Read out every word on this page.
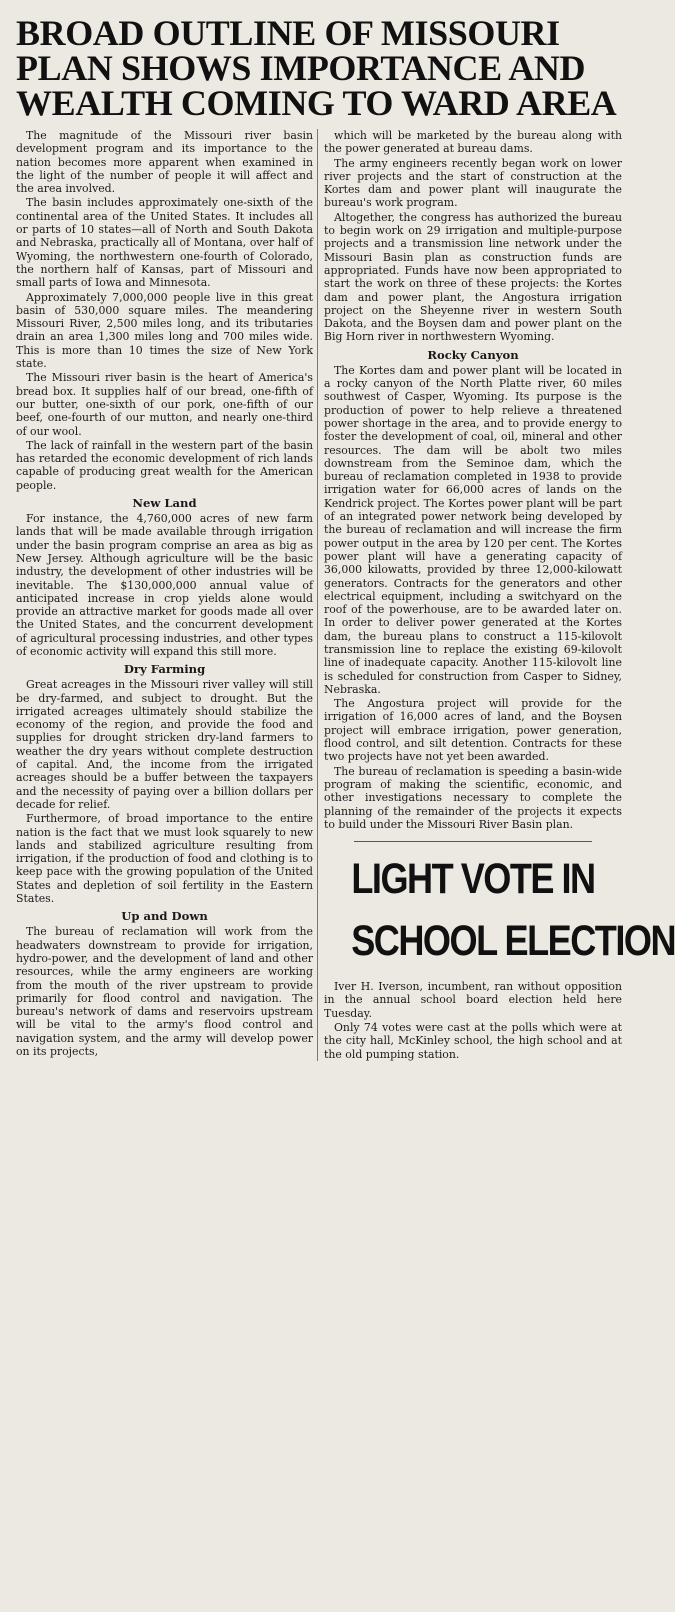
BROAD OUTLINE OF MISSOURI PLAN SHOWS IMPORTANCE AND WEALTH COMING TO WARD AREA

The magnitude of the Missouri river basin development program and its importance to the nation becomes more apparent when examined in the light of the number of people it will affect and the area involved.

The basin includes approximately one-sixth of the continental area of the United States. It includes all or parts of 10 states—all of North and South Dakota and Nebraska, practically all of Montana, over half of Wyoming, the northwestern one-fourth of Colorado, the northern half of Kansas, part of Missouri and small parts of Iowa and Minnesota.

Approximately 7,000,000 people live in this great basin of 530,000 square miles. The meandering Missouri River, 2,500 miles long, and its tributaries drain an area 1,300 miles long and 700 miles wide. This is more than 10 times the size of New York state.

The Missouri river basin is the heart of America's bread box. It supplies half of our bread, one-fifth of our butter, one-sixth of our pork, one-fifth of our beef, one-fourth of our mutton, and nearly one-third of our wool.

The lack of rainfall in the western part of the basin has retarded the economic development of rich lands capable of producing great wealth for the American people.

New Land

For instance, the 4,760,000 acres of new farm lands that will be made available through irrigation under the basin program comprise an area as big as New Jersey. Although agriculture will be the basic industry, the development of other industries will be inevitable. The $130,000,000 annual value of anticipated increase in crop yields alone would provide an attractive market for goods made all over the United States, and the concurrent development of agricultural processing industries, and other types of economic activity will expand this still more.

Dry Farming

Great acreages in the Missouri river valley will still be dry-farmed, and subject to drought. But the irrigated acreages ultimately should stabilize the economy of the region, and provide the food and supplies for drought stricken dry-land farmers to weather the dry years without complete destruction of capital. And, the income from the irrigated acreages should be a buffer between the taxpayers and the necessity of paying over a billion dollars per decade for relief.

Furthermore, of broad importance to the entire nation is the fact that we must look squarely to new lands and stabilized agriculture resulting from irrigation, if the production of food and clothing is to keep pace with the growing population of the United States and depletion of soil fertility in the Eastern States.

Up and Down

The bureau of reclamation will work from the headwaters downstream to provide for irrigation, hydro-power, and the development of land and other resources, while the army engineers are working from the mouth of the river upstream to provide primarily for flood control and navigation. The bureau's network of dams and reservoirs upstream will be vital to the army's flood control and navigation system, and the army will develop power on its projects,

which will be marketed by the bureau along with the power generated at bureau dams.

The army engineers recently began work on lower river projects and the start of construction at the Kortes dam and power plant will inaugurate the bureau's work program.

Altogether, the congress has authorized the bureau to begin work on 29 irrigation and multiple-purpose projects and a transmission line network under the Missouri Basin plan as construction funds are appropriated. Funds have now been appropriated to start the work on three of these projects: the Kortes dam and power plant, the Angostura irrigation project on the Sheyenne river in western South Dakota, and the Boysen dam and power plant on the Big Horn river in northwestern Wyoming.

Rocky Canyon

The Kortes dam and power plant will be located in a rocky canyon of the North Platte river, 60 miles southwest of Casper, Wyoming. Its purpose is the production of power to help relieve a threatened power shortage in the area, and to provide energy to foster the development of coal, oil, mineral and other resources. The dam will be abolt two miles downstream from the Seminoe dam, which the bureau of reclamation completed in 1938 to provide irrigation water for 66,000 acres of lands on the Kendrick project. The Kortes power plant will be part of an integrated power network being developed by the bureau of reclamation and will increase the firm power output in the area by 120 per cent. The Kortes power plant will have a generating capacity of 36,000 kilowatts, provided by three 12,000-kilowatt generators. Contracts for the generators and other electrical equipment, including a switchyard on the roof of the powerhouse, are to be awarded later on. In order to deliver power generated at the Kortes dam, the bureau plans to construct a 115-kilovolt transmission line to replace the existing 69-kilovolt line of inadequate capacity. Another 115-kilovolt line is scheduled for construction from Casper to Sidney, Nebraska.

The Angostura project will provide for the irrigation of 16,000 acres of land, and the Boysen project will embrace irrigation, power generation, flood control, and silt detention. Contracts for these two projects have not yet been awarded.

The bureau of reclamation is speeding a basin-wide program of making the scientific, economic, and other investigations necessary to complete the planning of the remainder of the projects it expects to build under the Missouri River Basin plan.

LIGHT VOTE IN
SCHOOL ELECTION

Iver H. Iverson, incumbent, ran without opposition in the annual school board election held here Tuesday.

Only 74 votes were cast at the polls which were at the city hall, McKinley school, the high school and at the old pumping station.
